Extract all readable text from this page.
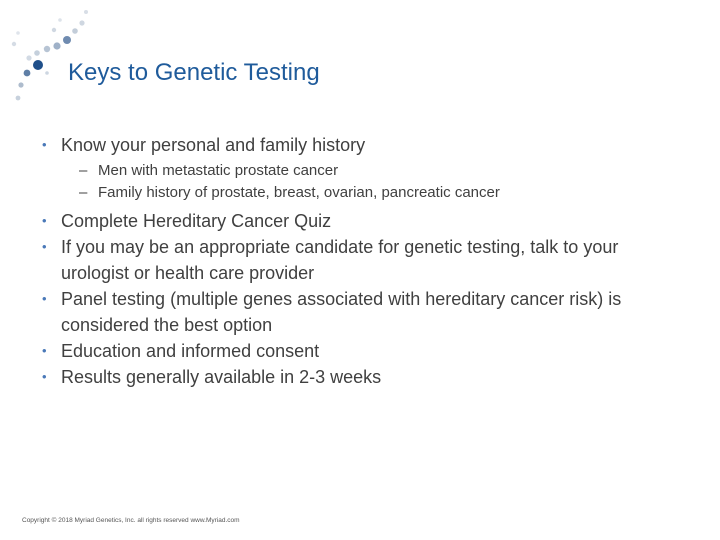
Keys to Genetic Testing
• Know your personal and family history
– Men with metastatic prostate cancer
– Family history of prostate, breast, ovarian, pancreatic cancer
• Complete Hereditary Cancer Quiz
• If you may be an appropriate candidate for genetic testing, talk to your urologist or health care provider
• Panel testing (multiple genes associated with hereditary cancer risk) is considered the best option
• Education and informed consent
• Results generally available in 2-3 weeks
Copyright © 2018 Myriad Genetics, Inc. all rights reserved www.Myriad.com
